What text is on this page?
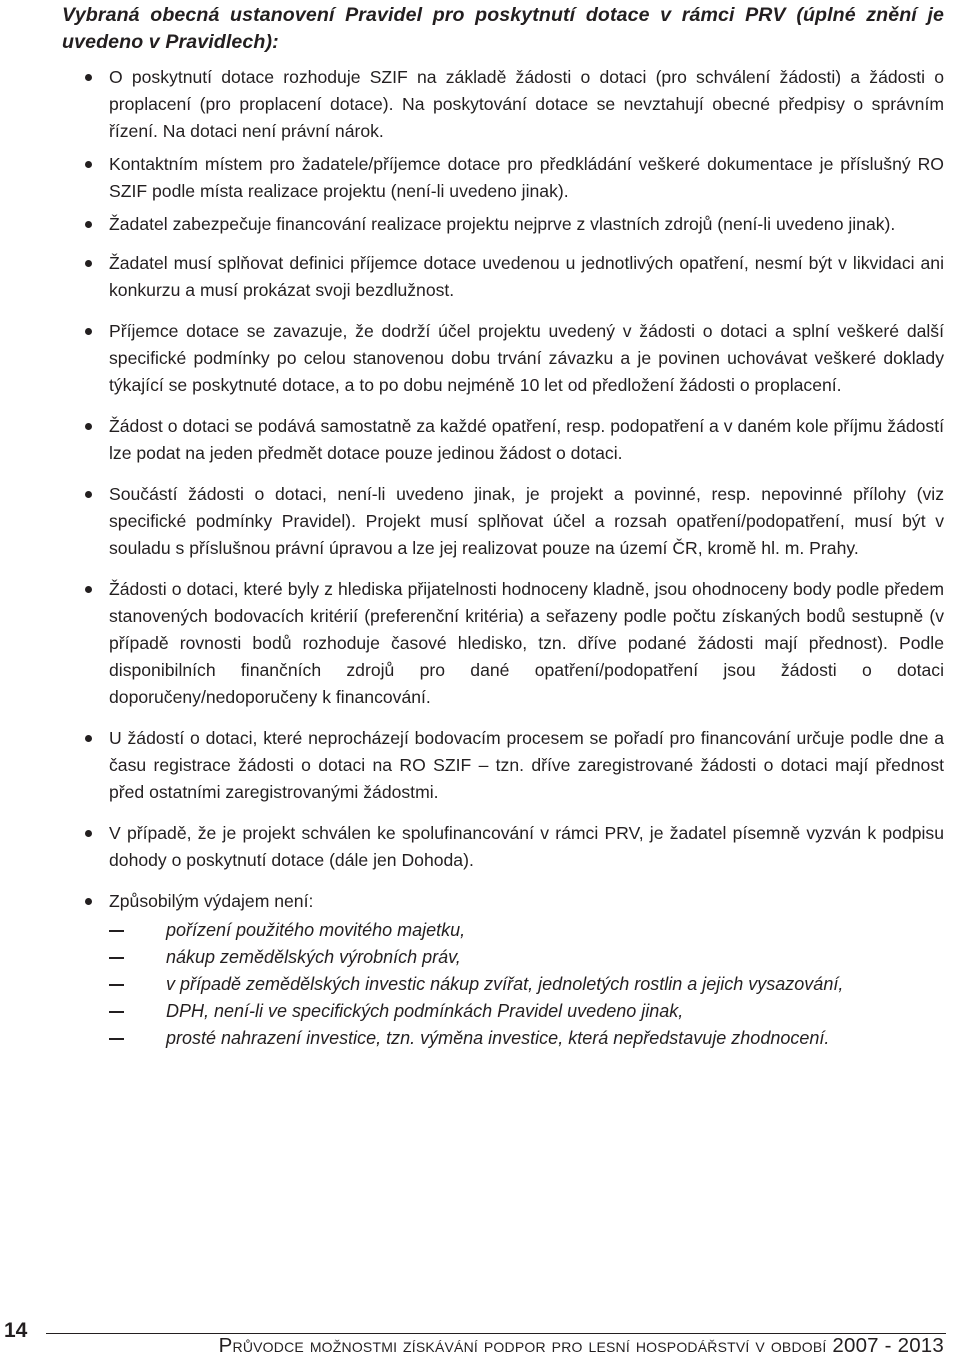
Vybraná obecná ustanovení Pravidel pro poskytnutí dotace v rámci PRV (úplné znění je uvedeno v Pravidlech):
O poskytnutí dotace rozhoduje SZIF na základě žádosti o dotaci (pro schválení žádosti) a žádosti o proplacení (pro proplacení dotace). Na poskytování dotace se nevztahují obecné předpisy o správním řízení. Na dotaci není právní nárok.
Kontaktním místem pro žadatele/příjemce dotace pro předkládání veškeré dokumentace je příslušný RO SZIF podle místa realizace projektu (není-li uvedeno jinak).
Žadatel zabezpečuje financování realizace projektu nejprve z vlastních zdrojů (není-li uvedeno jinak).
Žadatel musí splňovat definici příjemce dotace uvedenou u jednotlivých opatření, nesmí být v likvidaci ani konkurzu a musí prokázat svoji bezdlužnost.
Příjemce dotace se zavazuje, že dodrží účel projektu uvedený v žádosti o dotaci a splní veškeré další specifické podmínky po celou stanovenou dobu trvání závazku a je povinen uchovávat veškeré doklady týkající se poskytnuté dotace, a to po dobu nejméně 10 let od předložení žádosti o proplacení.
Žádost o dotaci se podává samostatně za každé opatření, resp. podopatření a v daném kole příjmu žádostí lze podat na jeden předmět dotace pouze jedinou žádost o dotaci.
Součástí žádosti o dotaci, není-li uvedeno jinak, je projekt a povinné, resp. nepovinné přílohy (viz specifické podmínky Pravidel). Projekt musí splňovat účel a rozsah opatření/podopatření, musí být v souladu s příslušnou právní úpravou a lze jej realizovat pouze na území ČR, kromě hl. m. Prahy.
Žádosti o dotaci, které byly z hlediska přijatelnosti hodnoceny kladně, jsou ohodnoceny body podle předem stanovených bodovacích kritérií (preferenční kritéria) a seřazeny podle počtu získaných bodů sestupně (v případě rovnosti bodů rozhoduje časové hledisko, tzn. dříve podané žádosti mají přednost). Podle disponibilních finančních zdrojů pro dané opatření/podopatření jsou žádosti o dotaci doporučeny/nedoporučeny k financování.
U žádostí o dotaci, které neprocházejí bodovacím procesem se pořadí pro financování určuje podle dne a času registrace žádosti o dotaci na RO SZIF – tzn. dříve zaregistrované žádosti o dotaci mají přednost před ostatními zaregistrovanými žádostmi.
V případě, že je projekt schválen ke spolufinancování v rámci PRV, je žadatel písemně vyzván k podpisu dohody o poskytnutí dotace (dále jen Dohoda).
Způsobilým výdajem není:
pořízení použitého movitého majetku,
nákup zemědělských výrobních práv,
v případě zemědělských investic nákup zvířat, jednoletých rostlin a jejich vysazování,
DPH, není-li ve specifických podmínkách Pravidel uvedeno jinak,
prosté nahrazení investice, tzn. výměna investice, která nepředstavuje zhodnocení.
14
Průvodce možnostmi získávání podpor pro lesní hospodářství v období 2007 - 2013
